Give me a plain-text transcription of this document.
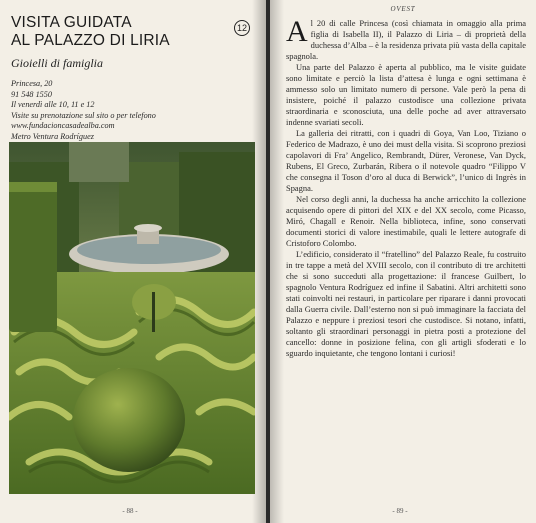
VISITA GUIDATA
AL PALAZZO DI LIRIA
12
Gioielli di famiglia
Princesa, 20
91 548 1550
Il venerdì alle 10, 11 e 12
Visite su prenotazione sul sito o per telefono
www.fundacioncasadealba.com
Metro Ventura Rodríguez
- 88 -
OVEST

Al 20 di calle Princesa (così chiamata in omaggio alla prima figlia di Isabella II), il Palazzo di Liria – di proprietà della duchessa d’Alba – è la residenza privata più vasta della capitale spagnola.

Una parte del Palazzo è aperta al pubblico, ma le visite guidate sono limitate e perciò la lista d’attesa è lunga e ogni settimana è ammesso solo un limitato numero di persone. Vale però la pena di insistere, poiché il palazzo custodisce una collezione privata straordinaria e sconosciuta, una delle poche ad aver attraversato indenne svariati secoli.

La galleria dei ritratti, con i quadri di Goya, Van Loo, Tiziano o Federico de Madrazo, è uno dei must della visita. Si scoprono preziosi capolavori di Fra’ Angelico, Rembrandt, Dürer, Veronese, Van Dyck, Rubens, El Greco, Zurbarán, Ribera o il notevole quadro “Filippo V che consegna il Toson d’oro al duca di Berwick”, l’unico di Ingrès in Spagna.

Nel corso degli anni, la duchessa ha anche arricchito la collezione acquisendo opere di pittori del XIX e del XX secolo, come Picasso, Miró, Chagall e Renoir. Nella biblioteca, infine, sono conservati documenti storici di valore inestimabile, quali le lettere autografe di Cristoforo Colombo.

L’edificio, considerato il “fratellino” del Palazzo Reale, fu costruito in tre tappe a metà del XVIII secolo, con il contributo di tre architetti che si sono succeduti alla progettazione: il francese Guilbert, lo spagnolo Ventura Rodríguez ed infine il Sabatini. Altri architetti sono stati coinvolti nei restauri, in particolare per riparare i danni provocati dalla Guerra civile. Dall’esterno non si può immaginare la facciata del Palazzo e neppure i preziosi tesori che custodisce. Si notano, infatti, soltanto gli straordinari personaggi in pietra posti a protezione del cancello: donne in posizione felina, con gli artigli sfoderati e lo sguardo inquietante, che tengono lontani i curiosi!

- 89 -
